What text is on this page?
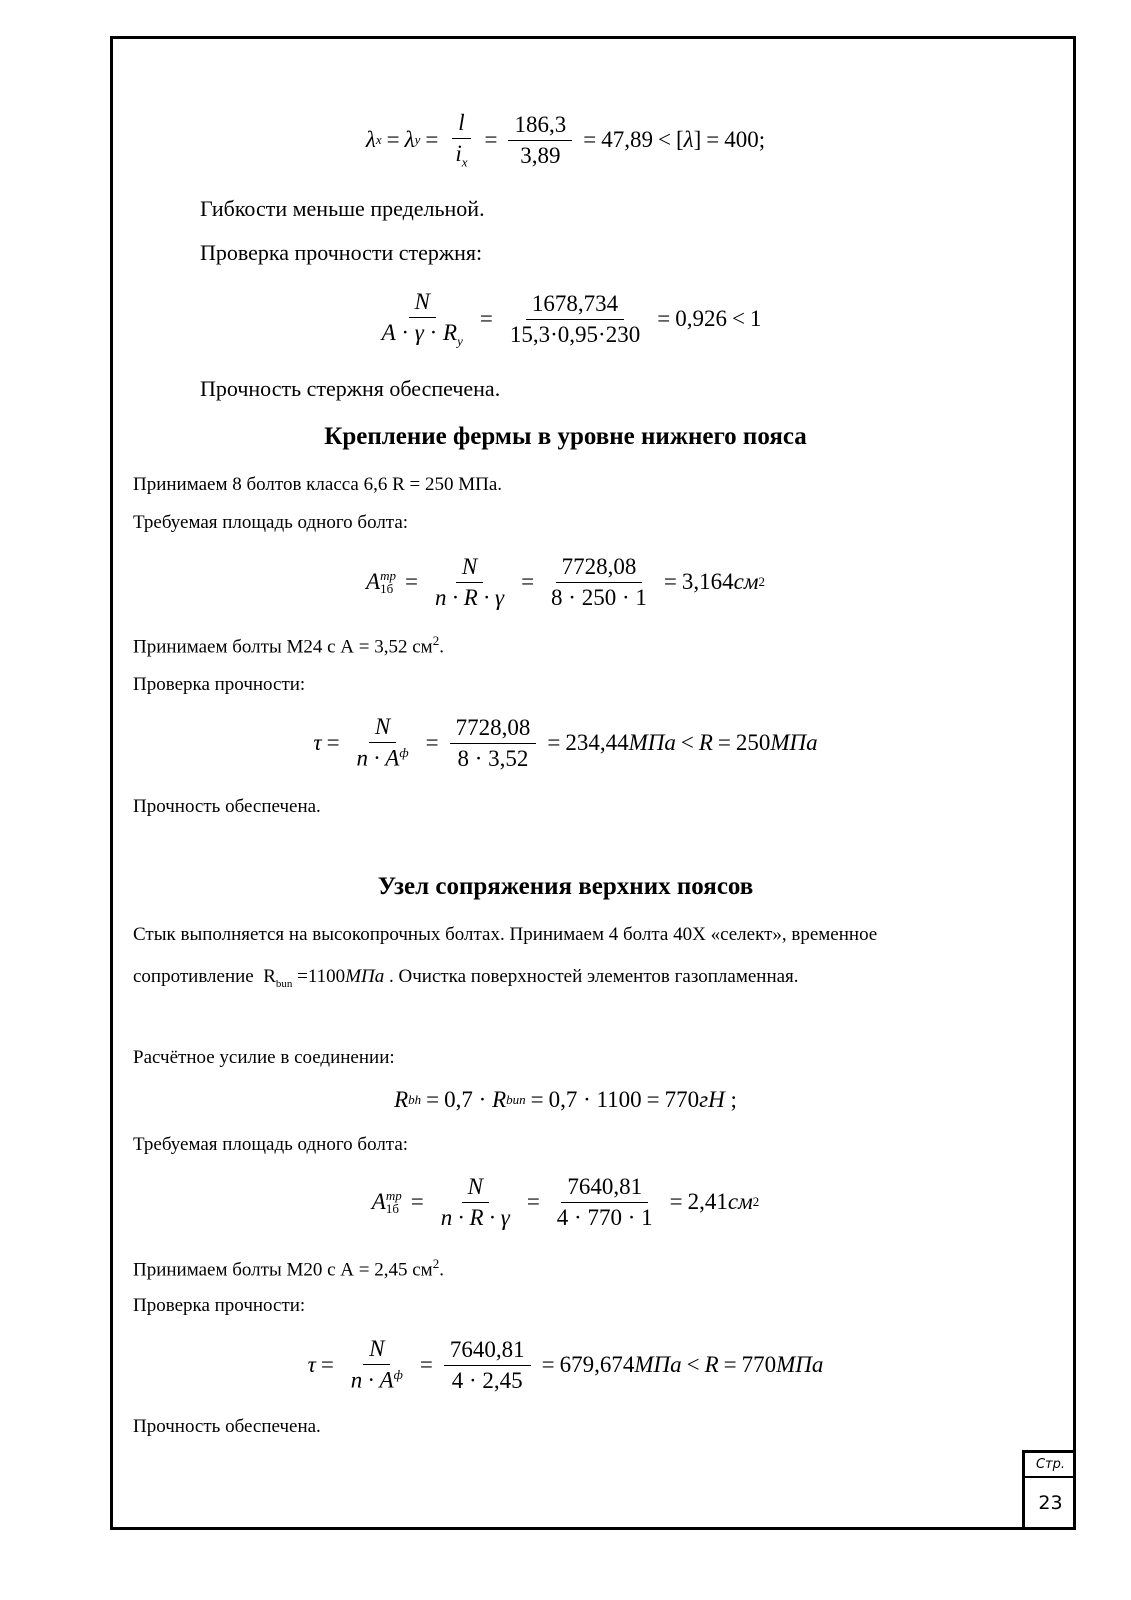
λ x = λ $y = \frac{l}{i_x} = \frac{186,3}{3,89} = 47,89$ < [ λ ] = 400 ;
Гибкости меньше предельной.
Проверка прочности стержня:
$\frac{N}{A \cdot \gamma \cdot R_y} = \frac{1678,734}{15,3\cdot 0,95\cdot 230} = 0,926 < 1$
Прочность стержня обеспечена.
Крепление фермы в уровне нижнего пояса
Принимаем 8 болтов класса 6,6 R = 250 МПа.
Требуемая площадь одного болта:
A тр
$1б = \frac{N}{n \cdot R \cdot \gamma} = \frac{7728,08}{8 \cdot 250 \cdot 1} = 3,164$ см 2
Принимаем болты М24 с А = 3,52 $см^2$.
Проверка прочности:
$\tau = \frac{N}{n \cdot A^ф} = \frac{7728,08}{8 \cdot 3,52} = 234,44$ МПа < R = 250 МПа
Прочность обеспечена.
Узел сопряжения верхних поясов
Стык выполняется на высокопрочных болтах. Принимаем 4 болта 40Х «селект», временное
сопротивление $R_{bun} =1100МПа$ . Очистка поверхностей элементов газопламенная.
Расчётное усилие в соединении:
R bh = 0,7 ·
R bun = 0,7 · 1100 = 770 гН
;
Требуемая площадь одного болта:
A тр
$1б = \frac{N}{n \cdot R \cdot \gamma} = \frac{7640,81}{4 \cdot 770 \cdot 1} = 2,41$ см 2
Принимаем болты М20 с А = 2,45 $см^2$.
Проверка прочности:
$\tau = \frac{N}{n \cdot A^ф} = \frac{7640,81}{4 \cdot 2,45} = 679,674$ МПа < R = 770 МПа
Прочность обеспечена.
Стр.
23
